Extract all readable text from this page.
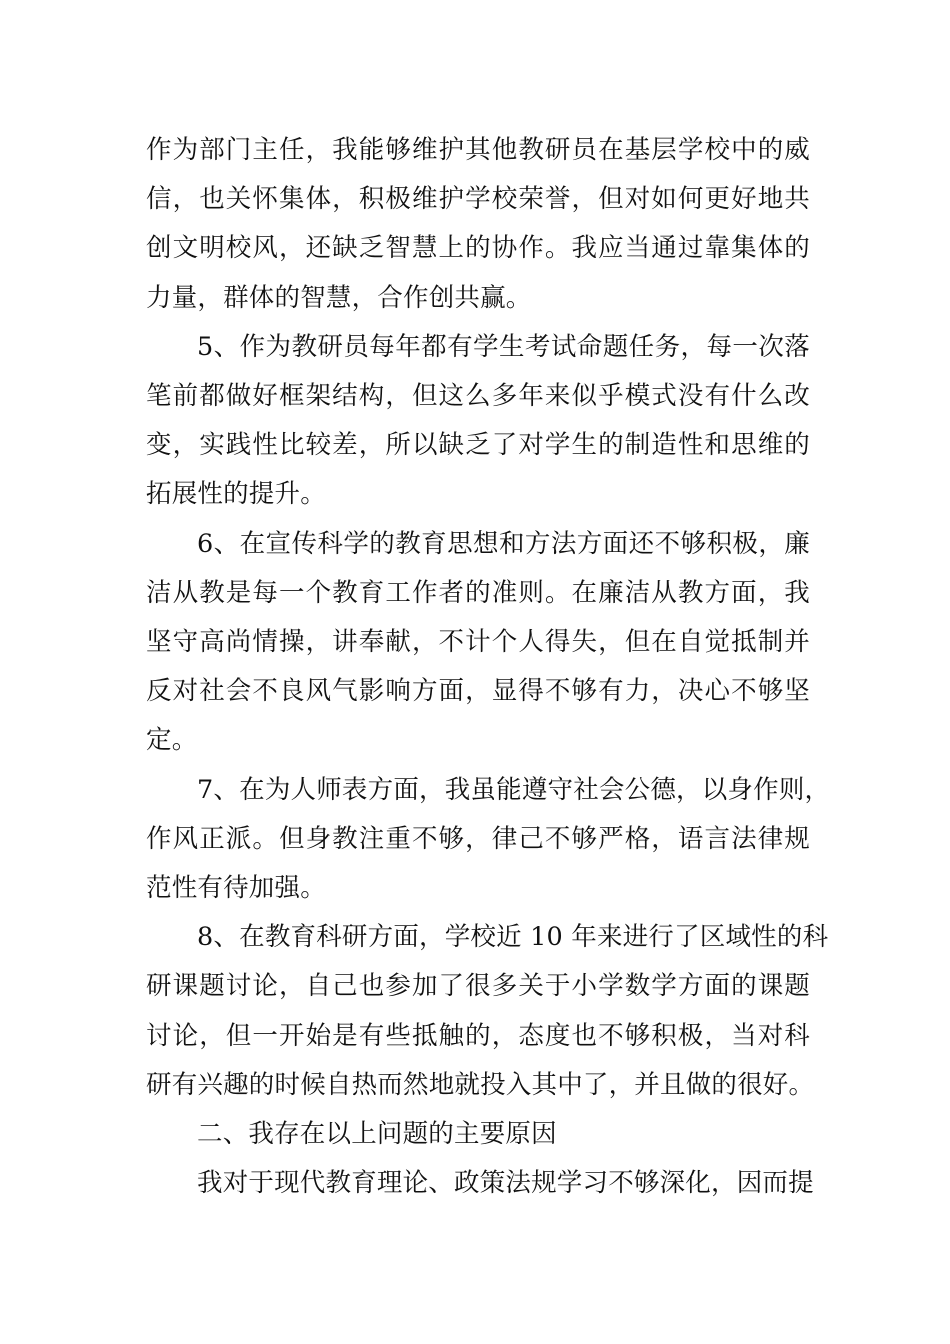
作为部门主任，我能够维护其他教研员在基层学校中的威
信，也关怀集体，积极维护学校荣誉，但对如何更好地共
创文明校风，还缺乏智慧上的协作。我应当通过靠集体的
力量，群体的智慧，合作创共赢。

5、作为教研员每年都有学生考试命题任务，每一次落
笔前都做好框架结构，但这么多年来似乎模式没有什么改
变，实践性比较差，所以缺乏了对学生的制造性和思维的
拓展性的提升。

6、在宣传科学的教育思想和方法方面还不够积极，廉
洁从教是每一个教育工作者的准则。在廉洁从教方面，我
坚守高尚情操，讲奉献，不计个人得失，但在自觉抵制并
反对社会不良风气影响方面，显得不够有力，决心不够坚
定。

7、在为人师表方面，我虽能遵守社会公德，以身作则，
作风正派。但身教注重不够，律己不够严格，语言法律规
范性有待加强。

8、在教育科研方面，学校近 10 年来进行了区域性的科
研课题讨论，自己也参加了很多关于小学数学方面的课题
讨论，但一开始是有些抵触的，态度也不够积极，当对科
研有兴趣的时候自热而然地就投入其中了，并且做的很好。

二、我存在以上问题的主要原因

我对于现代教育理论、政策法规学习不够深化，因而提
